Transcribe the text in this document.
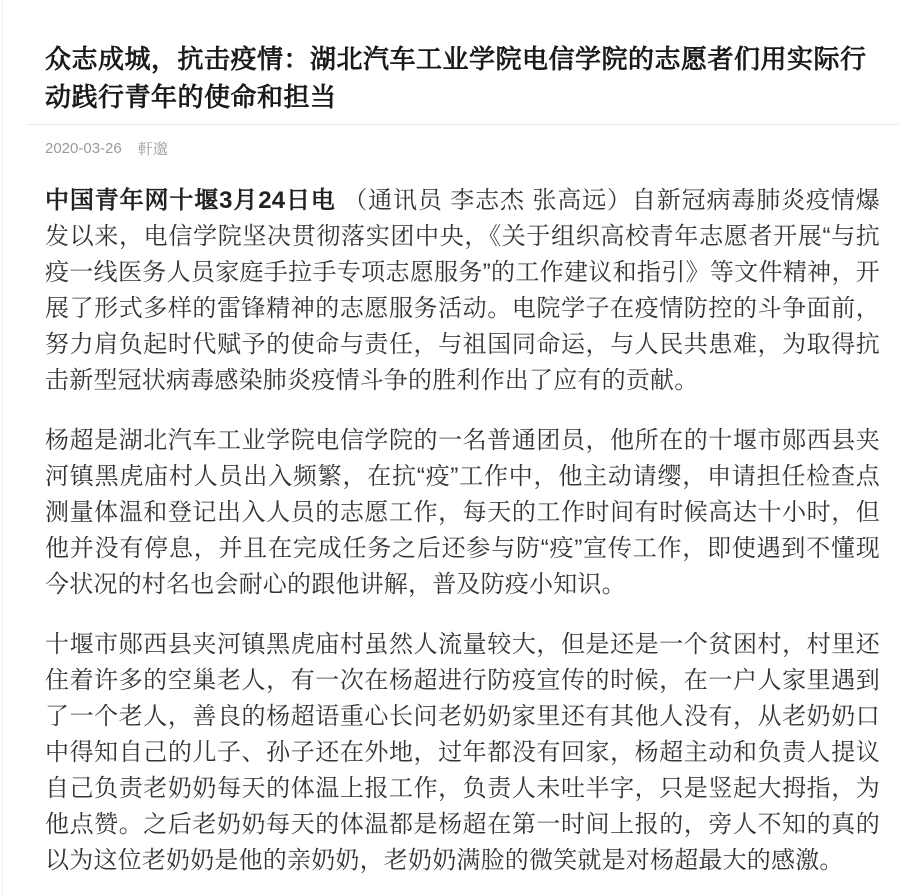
众志成城，抗击疫情：湖北汽车工业学院电信学院的志愿者们用实际行动践行青年的使命和担当
2020-03-26 軒邈

中国青年网十堰3月24日电 （通讯员 李志杰 张高远）自新冠病毒肺炎疫情爆发以来，电信学院坚决贯彻落实团中央，《关于组织高校青年志愿者开展“与抗疫一线医务人员家庭手拉手专项志愿服务”的工作建议和指引》等文件精神，开展了形式多样的雷锋精神的志愿服务活动。电院学子在疫情防控的斗争面前，努力肩负起时代赋予的使命与责任，与祖国同命运，与人民共患难，为取得抗击新型冠状病毒感染肺炎疫情斗争的胜利作出了应有的贡献。

杨超是湖北汽车工业学院电信学院的一名普通团员，他所在的十堰市郧西县夹河镇黑虎庙村人员出入频繁，在抗“疫”工作中，他主动请缨，申请担任检查点测量体温和登记出入人员的志愿工作，每天的工作时间有时候高达十小时，但他并没有停息，并且在完成任务之后还参与防“疫”宣传工作，即使遇到不懂现今状况的村名也会耐心的跟他讲解，普及防疫小知识。

十堰市郧西县夹河镇黑虎庙村虽然人流量较大，但是还是一个贫困村，村里还住着许多的空巢老人，有一次在杨超进行防疫宣传的时候，在一户人家里遇到了一个老人，善良的杨超语重心长问老奶奶家里还有其他人没有，从老奶奶口中得知自己的儿子、孙子还在外地，过年都没有回家，杨超主动和负责人提议自己负责老奶奶每天的体温上报工作，负责人未吐半字，只是竖起大拇指，为他点赞。之后老奶奶每天的体温都是杨超在第一时间上报的，旁人不知的真的以为这位老奶奶是他的亲奶奶，老奶奶满脸的微笑就是对杨超最大的感激。
